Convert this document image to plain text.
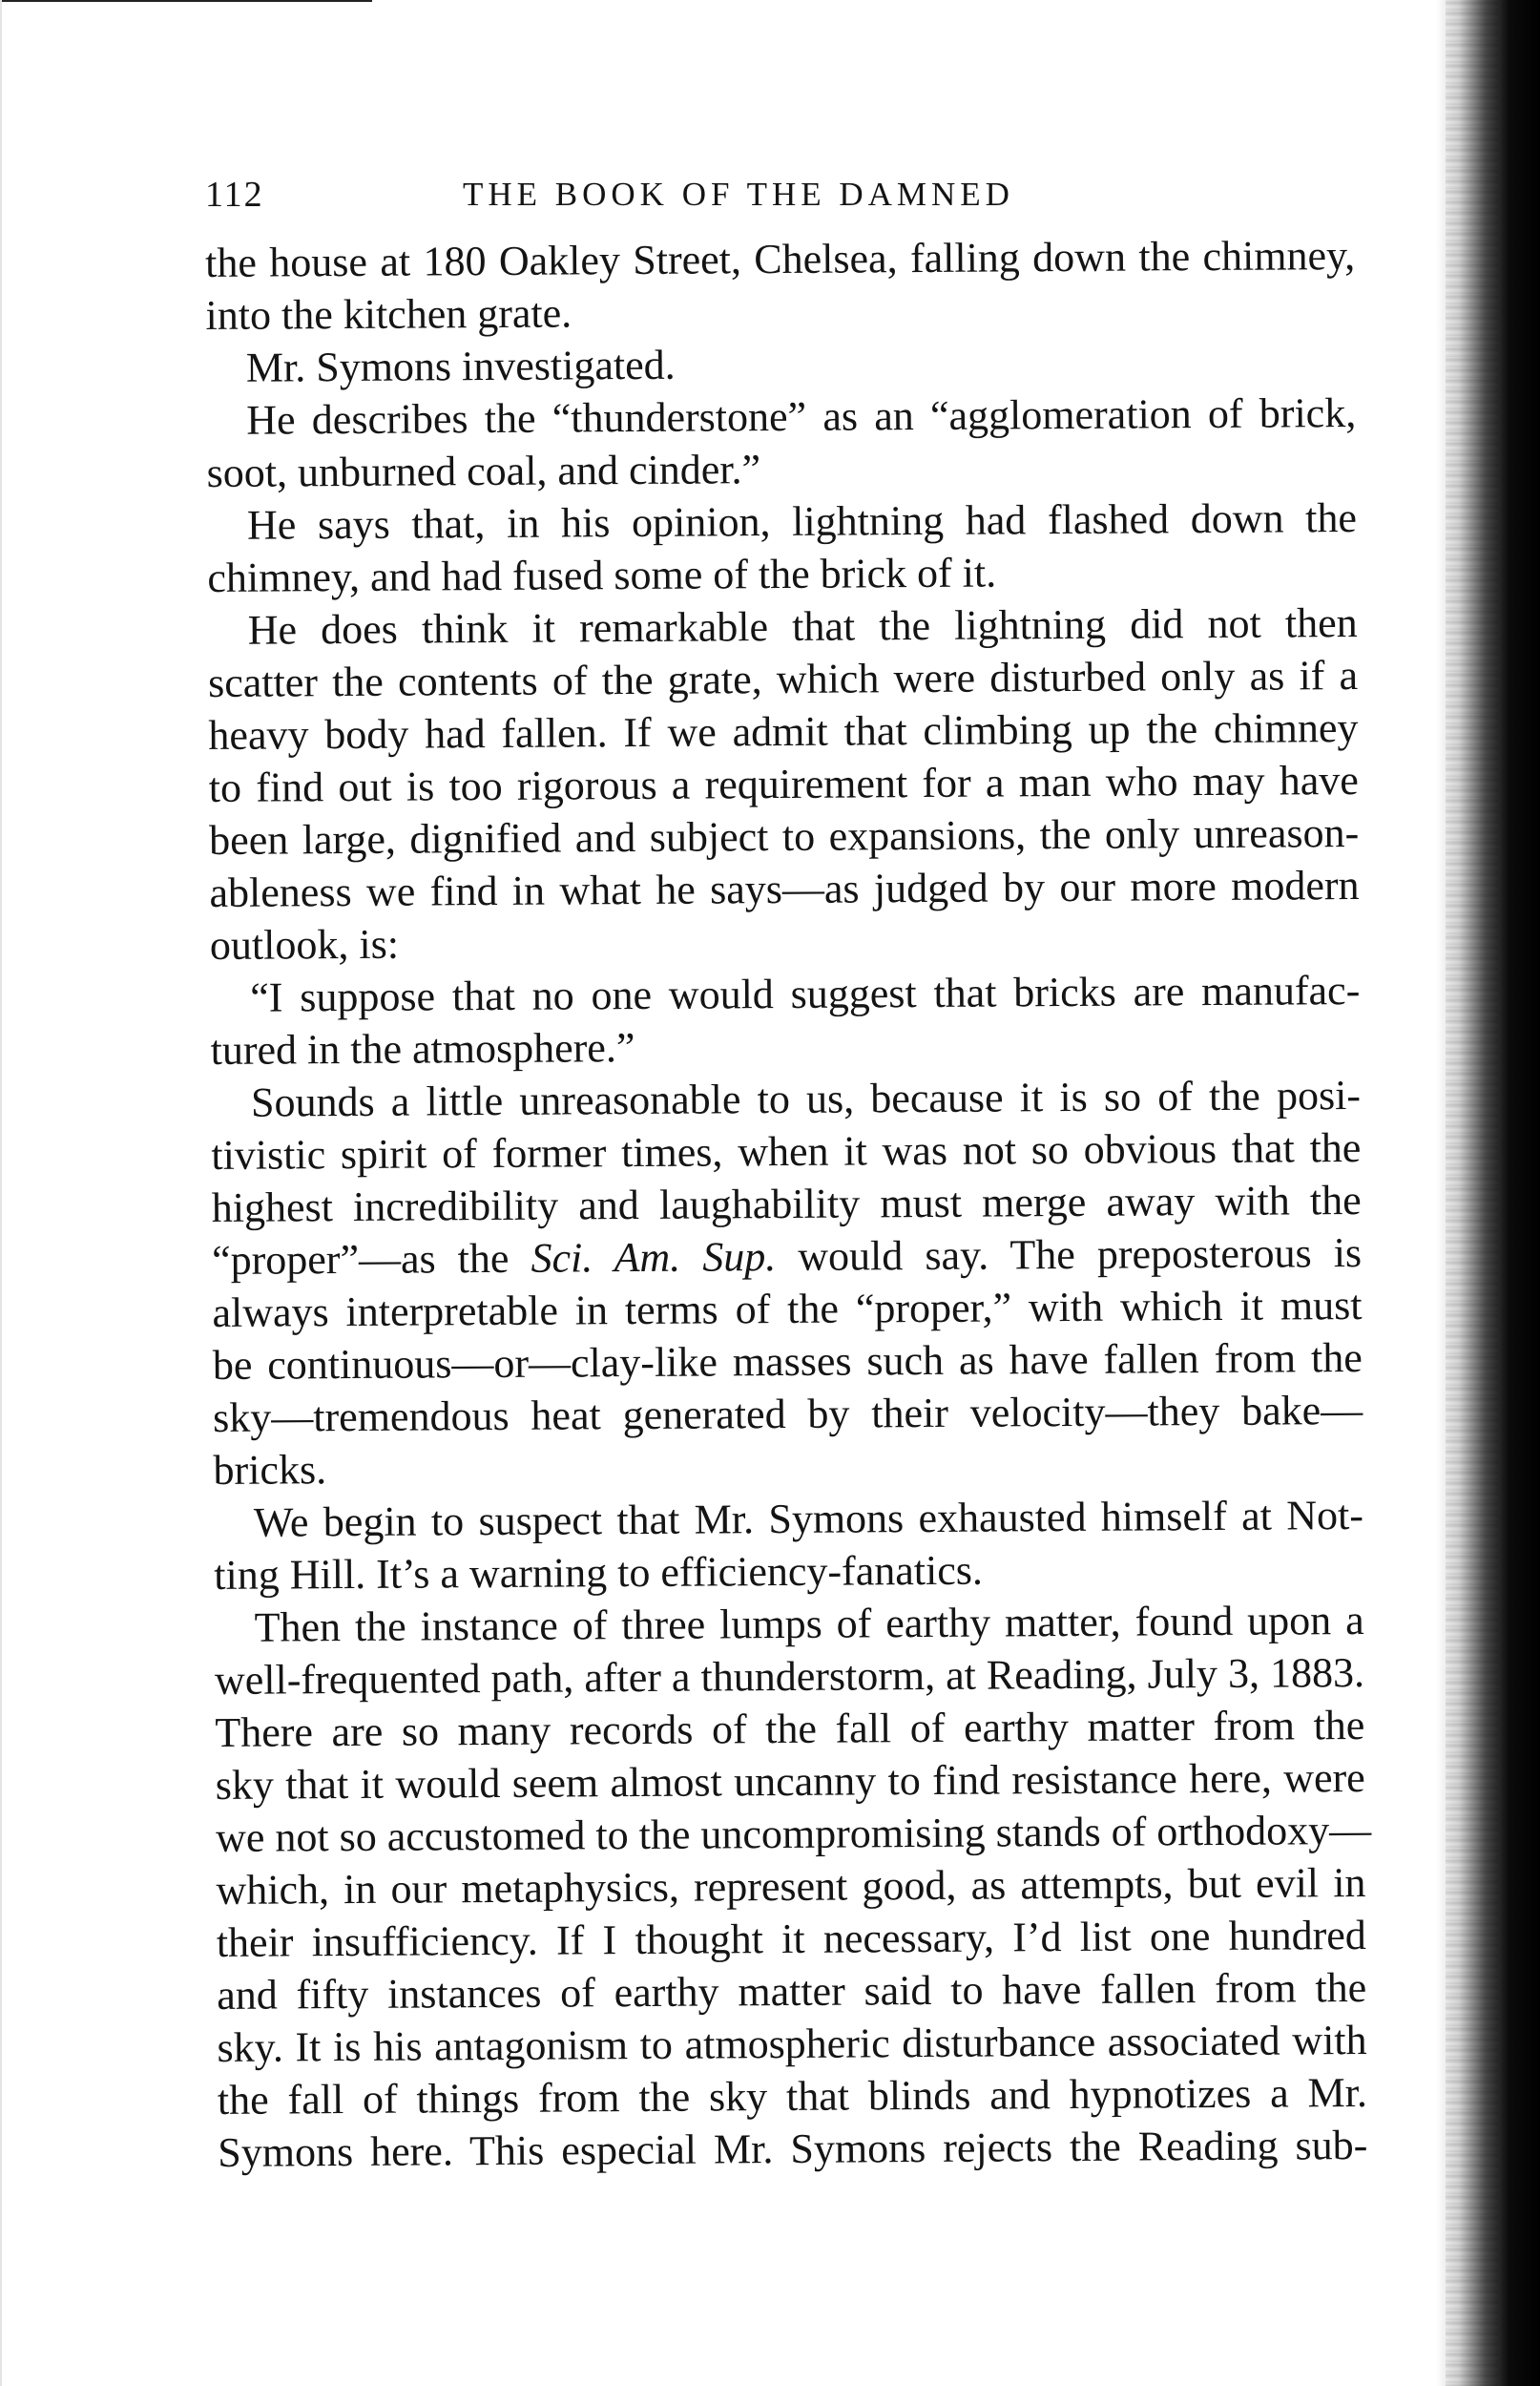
112	THE BOOK OF THE DAMNED
the house at 180 Oakley Street, Chelsea, falling down the chimney,
into the kitchen grate.
Mr. Symons investigated.
He describes the “thunderstone” as an “agglomeration of brick,
soot, unburned coal, and cinder.”
He says that, in his opinion, lightning had flashed down the
chimney, and had fused some of the brick of it.
He does think it remarkable that the lightning did not then
scatter the contents of the grate, which were disturbed only as if a
heavy body had fallen. If we admit that climbing up the chimney
to find out is too rigorous a requirement for a man who may have
been large, dignified and subject to expansions, the only unreason-
ableness we find in what he says—as judged by our more modern
outlook, is:
“I suppose that no one would suggest that bricks are manufac-
tured in the atmosphere.”
Sounds a little unreasonable to us, because it is so of the posi-
tivistic spirit of former times, when it was not so obvious that the
highest incredibility and laughability must merge away with the
“proper”—as the Sci. Am. Sup. would say. The preposterous is
always interpretable in terms of the “proper,” with which it must
be continuous—or—clay-like masses such as have fallen from the
sky—tremendous heat generated by their velocity—they bake—
bricks.
We begin to suspect that Mr. Symons exhausted himself at Not-
ting Hill. It’s a warning to efficiency-fanatics.
Then the instance of three lumps of earthy matter, found upon a
well-frequented path, after a thunderstorm, at Reading, July 3, 1883.
There are so many records of the fall of earthy matter from the
sky that it would seem almost uncanny to find resistance here, were
we not so accustomed to the uncompromising stands of orthodoxy—
which, in our metaphysics, represent good, as attempts, but evil in
their insufficiency. If I thought it necessary, I’d list one hundred
and fifty instances of earthy matter said to have fallen from the
sky. It is his antagonism to atmospheric disturbance associated with
the fall of things from the sky that blinds and hypnotizes a Mr.
Symons here. This especial Mr. Symons rejects the Reading sub-
